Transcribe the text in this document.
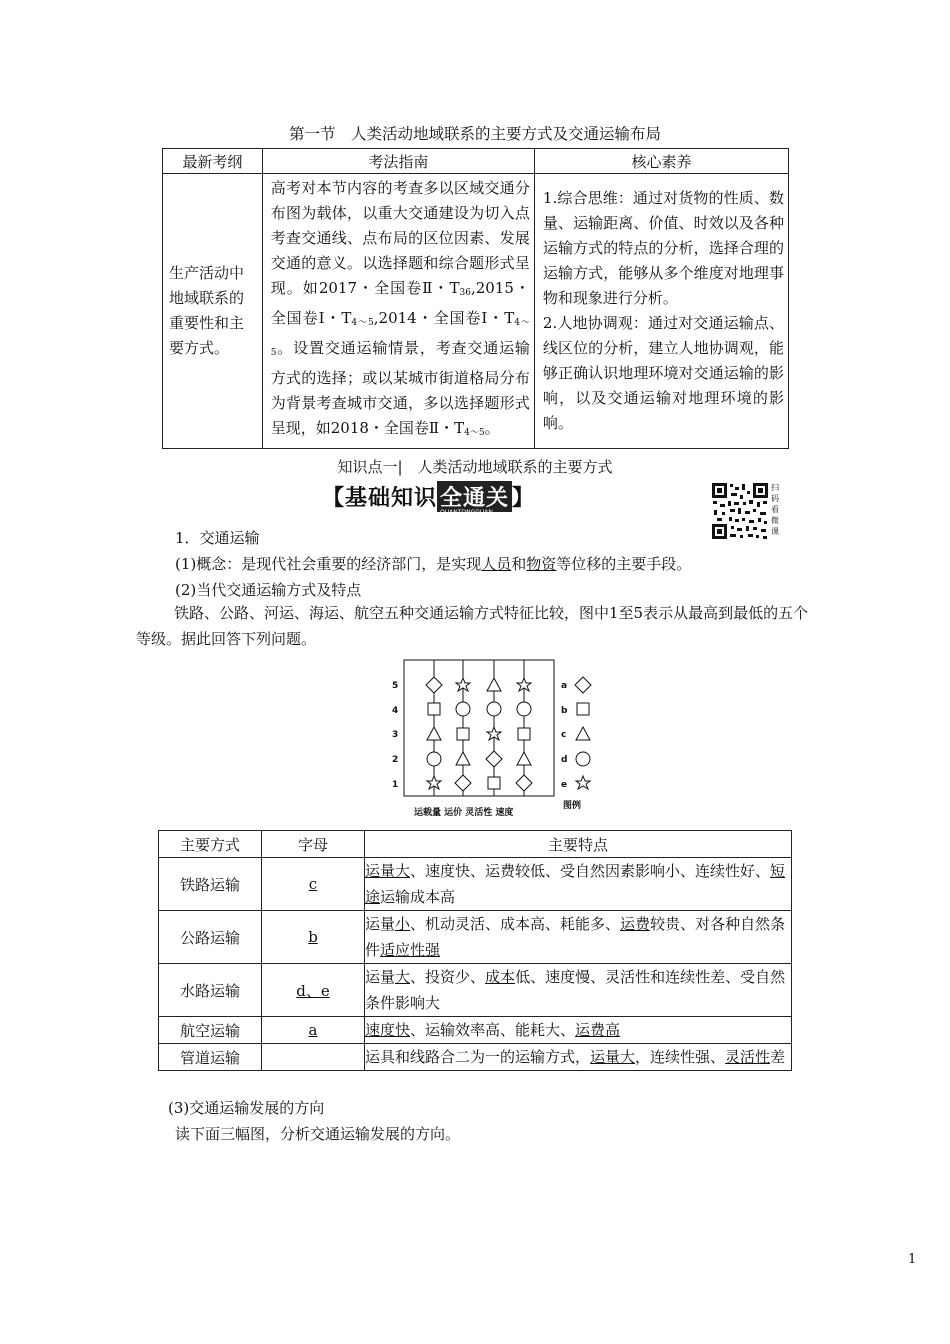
第一节　人类活动地域联系的主要方式及交通运输布局
最新考纲	考法指南	核心素养

生产活动中地域联系的重要性和主要方式。	高考对本节内容的考查多以区域交通分布图为载体，以重大交通建设为切入点考查交通线、点布局的区位因素、发展交通的意义。以选择题和综合题形式呈现。如2017・全国卷Ⅱ・$T_{36},2015$・全国卷Ⅰ・$T_{4\sim 5},2014$・全国卷Ⅰ・$T_{4\sim 5}$。设置交通运输情景，考查交通运输方式的选择；或以某城市街道格局分布为背景考查城市交通，多以选择题形式呈现，如2018・全国卷Ⅱ・$T_{4\sim 5}$。	1.综合思维：通过对货物的性质、数量、运输距离、价值、时效以及各种运输方式的特点的分析，选择合理的运输方式，能够从多个维度对地理事物和现象进行分析。
2.人地协调观：通过对交通运输点、线区位的分析，建立人地协调观，能够正确认识地理环境对交通运输的影响，以及交通运输对地理环境的影响。
知识点一|　人类活动地域联系的主要方式
【基础知识 全通关
QUANTONGGUAN
】	扫码看微课
1．交通运输
(1)概念：是现代社会重要的经济部门，是实现人员和物资等位移的主要手段。
(2)当代交通运输方式及特点
铁路、公路、河运、海运、航空五种交通运输方式特征比较，图中1至5表示从最高到最低的五个等级。据此回答下列问题。
5
4
3
2
1
a
b
c
d
e
图例
运载量 运价 灵活性 速度
主要方式	字母	主要特点
铁路运输	c	运量大、速度快、运费较低、受自然因素影响小、连续性好、短途运输成本高
公路运输	b	运量小、机动灵活、成本高、耗能多、运费较贵、对各种自然条件适应性强
水路运输	d、e	运量大、投资少、成本低、速度慢、灵活性和连续性差、受自然条件影响大
航空运输	a	速度快、运输效率高、能耗大、运费高
管道运输		运具和线路合二为一的运输方式，运量大，连续性强、灵活性差
(3)交通运输发展的方向
读下面三幅图，分析交通运输发展的方向。
1
